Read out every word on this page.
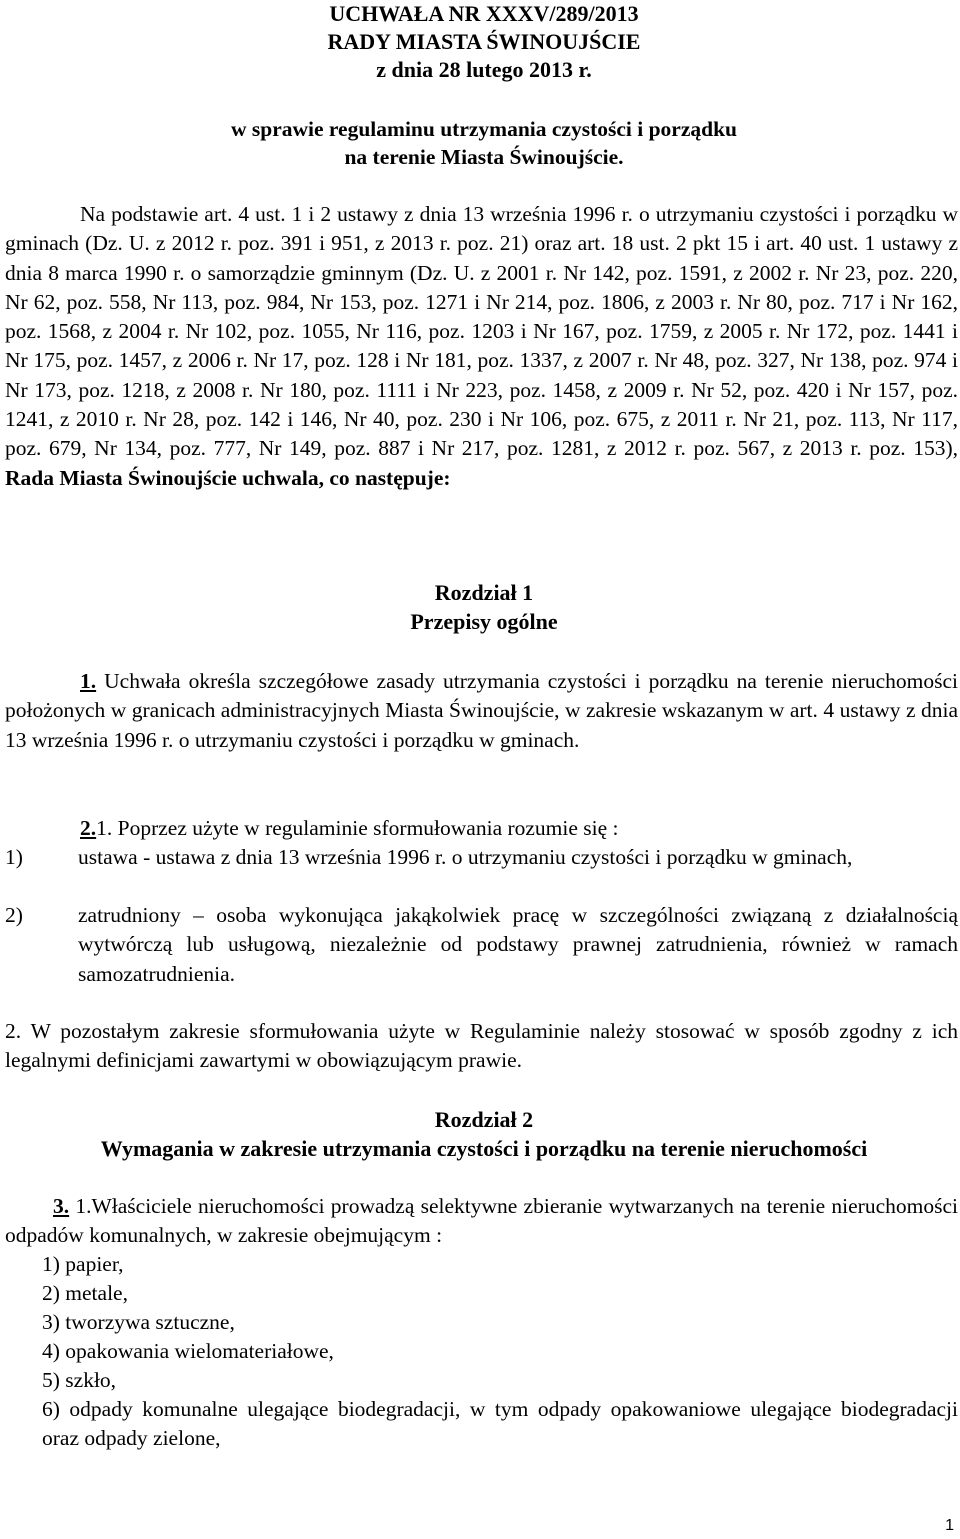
UCHWAŁA NR XXXV/289/2013
RADY MIASTA ŚWINOUJŚCIE
z dnia 28 lutego 2013 r.
w sprawie regulaminu utrzymania czystości i porządku
na terenie Miasta Świnoujście.
Na podstawie art. 4 ust. 1 i 2 ustawy z dnia 13 września 1996 r. o utrzymaniu czystości i porządku w gminach (Dz. U. z 2012 r. poz. 391 i 951, z 2013 r. poz. 21) oraz art. 18 ust. 2 pkt 15 i art. 40 ust. 1 ustawy z dnia 8 marca 1990 r. o samorządzie gminnym (Dz. U. z 2001 r. Nr 142, poz. 1591, z 2002 r. Nr 23, poz. 220, Nr 62, poz. 558, Nr 113, poz. 984, Nr 153, poz. 1271 i Nr 214, poz. 1806, z 2003 r. Nr 80, poz. 717 i Nr 162, poz. 1568, z 2004 r. Nr 102, poz. 1055, Nr 116, poz. 1203 i Nr 167, poz. 1759, z 2005 r. Nr 172, poz. 1441 i Nr 175, poz. 1457, z 2006 r. Nr 17, poz. 128 i Nr 181, poz. 1337, z 2007 r. Nr 48, poz. 327, Nr 138, poz. 974 i Nr 173, poz. 1218, z 2008 r. Nr 180, poz. 1111 i Nr 223, poz. 1458, z 2009 r. Nr 52, poz. 420 i Nr 157, poz. 1241, z 2010 r. Nr 28, poz. 142 i 146, Nr 40, poz. 230 i Nr 106, poz. 675, z 2011 r. Nr 21, poz. 113, Nr 117, poz. 679, Nr 134, poz. 777, Nr 149, poz. 887 i Nr 217, poz. 1281, z 2012 r. poz. 567, z 2013 r. poz. 153), Rada Miasta Świnoujście uchwala, co następuje:
Rozdział 1
Przepisy ogólne
1. Uchwała określa szczegółowe zasady utrzymania czystości i porządku na terenie nieruchomości położonych w granicach administracyjnych Miasta Świnoujście, w zakresie wskazanym w art. 4 ustawy z dnia 13 września 1996 r. o utrzymaniu czystości i porządku w gminach.
2.1. Poprzez użyte w regulaminie sformułowania rozumie się :
1)	ustawa - ustawa z dnia 13 września 1996 r. o utrzymaniu czystości i porządku w gminach,
2)	zatrudniony – osoba wykonująca jakąkolwiek pracę w szczególności związaną z działalnością wytwórczą lub usługową, niezależnie od podstawy prawnej zatrudnienia, również w ramach samozatrudnienia.
2. W pozostałym zakresie sformułowania użyte w Regulaminie należy stosować w sposób zgodny z ich legalnymi definicjami zawartymi w obowiązującym prawie.
Rozdział 2
Wymagania w zakresie utrzymania czystości i porządku na terenie nieruchomości
3. 1.Właściciele nieruchomości prowadzą selektywne zbieranie wytwarzanych na terenie nieruchomości odpadów komunalnych, w zakresie obejmującym :
1) papier,
2) metale,
3) tworzywa sztuczne,
4) opakowania wielomateriałowe,
5) szkło,
6) odpady komunalne ulegające biodegradacji, w tym odpady opakowaniowe ulegające biodegradacji oraz odpady zielone,
1
